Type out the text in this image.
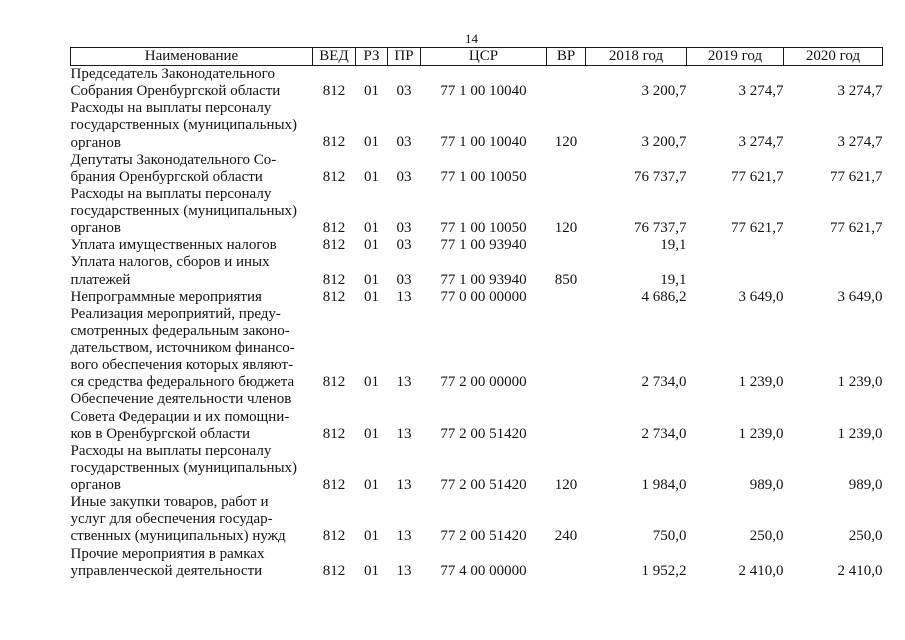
14
Наименование	ВЕД	РЗ	ПР	ЦСР	ВР	2018 год	2019 год	2020 год

Председатель Законодательного
Собрания Оренбургской области	812	01	03	77 1 00 10040		3 200,7	3 274,7	3 274,7

Расходы на выплаты персоналу
государственных (муниципальных)
органов	812	01	03	77 1 00 10040	120	3 200,7	3 274,7	3 274,7

Депутаты Законодательного Со-
брания Оренбургской области	812	01	03	77 1 00 10050		76 737,7	77 621,7	77 621,7

Расходы на выплаты персоналу
государственных (муниципальных)
органов	812	01	03	77 1 00 10050	120	76 737,7	77 621,7	77 621,7

Уплата имущественных налогов	812	01	03	77 1 00 93940		19,1		

Уплата налогов, сборов и иных
платежей	812	01	03	77 1 00 93940	850	19,1		

Непрограммные мероприятия	812	01	13	77 0 00 00000		4 686,2	3 649,0	3 649,0

Реализация мероприятий, преду-
смотренных федеральным законо-
дательством, источником финансо-
вого обеспечения которых являют-
ся средства федерального бюджета	812	01	13	77 2 00 00000		2 734,0	1 239,0	1 239,0

Обеспечение деятельности членов
Совета Федерации и их помощни-
ков в Оренбургской области	812	01	13	77 2 00 51420		2 734,0	1 239,0	1 239,0

Расходы на выплаты персоналу
государственных (муниципальных)
органов	812	01	13	77 2 00 51420	120	1 984,0	989,0	989,0

Иные закупки товаров, работ и
услуг для обеспечения государ-
ственных (муниципальных) нужд	812	01	13	77 2 00 51420	240	750,0	250,0	250,0

Прочие мероприятия в рамках
управленческой деятельности	812	01	13	77 4 00 00000		1 952,2	2 410,0	2 410,0
